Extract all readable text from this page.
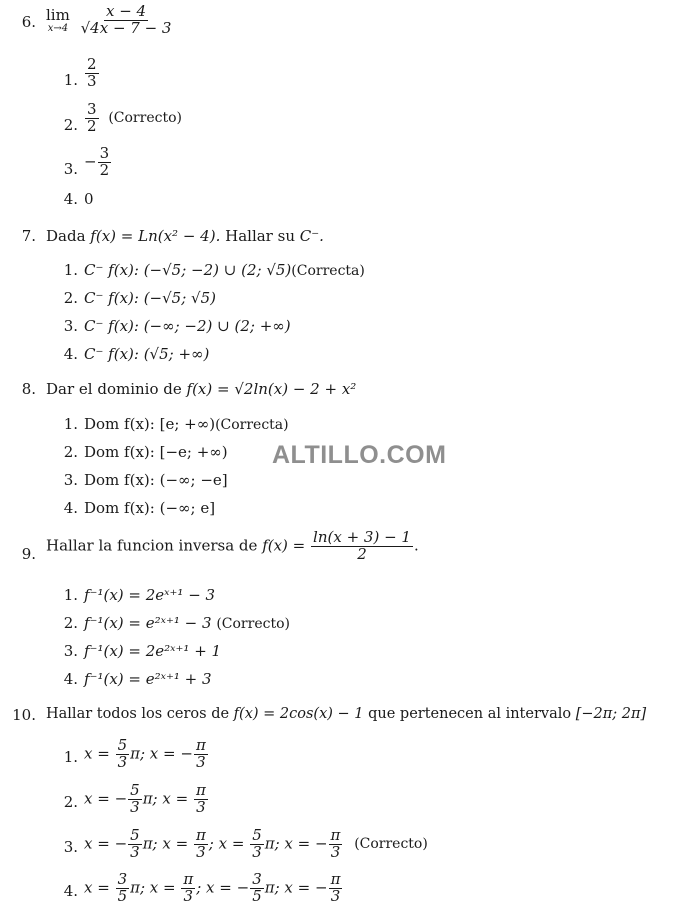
6. lim
x→4
$\frac{x - 4}{√4x - 7 - 3}$
1. $\frac{2}{3}$
2. $\frac{3}{2}$ (Correcto)
3. − $\frac{3}{2}$
4. 0
7. Dada f(x) = Ln(x² − 4). Hallar su C⁻.
1. C⁻ f(x): (−√5; −2) ∪ (2; √5)(Correcta)
2. C⁻ f(x): (−√5; √5)
3. C⁻ f(x): (−∞; −2) ∪ (2; +∞)
4. C⁻ f(x): (√5; +∞)
8. Dar el dominio de f(x) = √2ln(x) − 2 + x²
1. Dom f(x): [e; +∞)(Correcta)
2. Dom f(x): [−e; +∞)
3. Dom f(x): (−∞; −e]
4. Dom f(x): (−∞; e]
ALTILLO.COM
9. Hallar la funcion inversa de $f(x) = \frac{\ln(x + 3) - 1}{2}$ .
1. f⁻¹(x) = 2eˣ⁺¹ − 3
2. f⁻¹(x) = e²ˣ⁺¹ − 3 (Correcto)
3. f⁻¹(x) = 2e²ˣ⁺¹ + 1
4. f⁻¹(x) = e²ˣ⁺¹ + 3
10. Hallar todos los ceros de f(x) = 2cos(x) − 1 que pertenecen al intervalo [−2π; 2π]
1. $x = \frac{5}{3} \pi$; x = − $\frac{\pi}{3}$
2. x = − $\frac{5}{3} \pi$; $x = \frac{\pi}{3}$
3. x = − $\frac{5}{3} \pi$; $x = \frac{\pi}{3}$ ; $x = \frac{5}{3} \pi$; x = − $\frac{\pi}{3}$ (Correcto)
4. $x = \frac{3}{5} \pi$; $x = \frac{\pi}{3}$ ; x = − $\frac{3}{5} \pi$; x = − $\frac{\pi}{3}$
